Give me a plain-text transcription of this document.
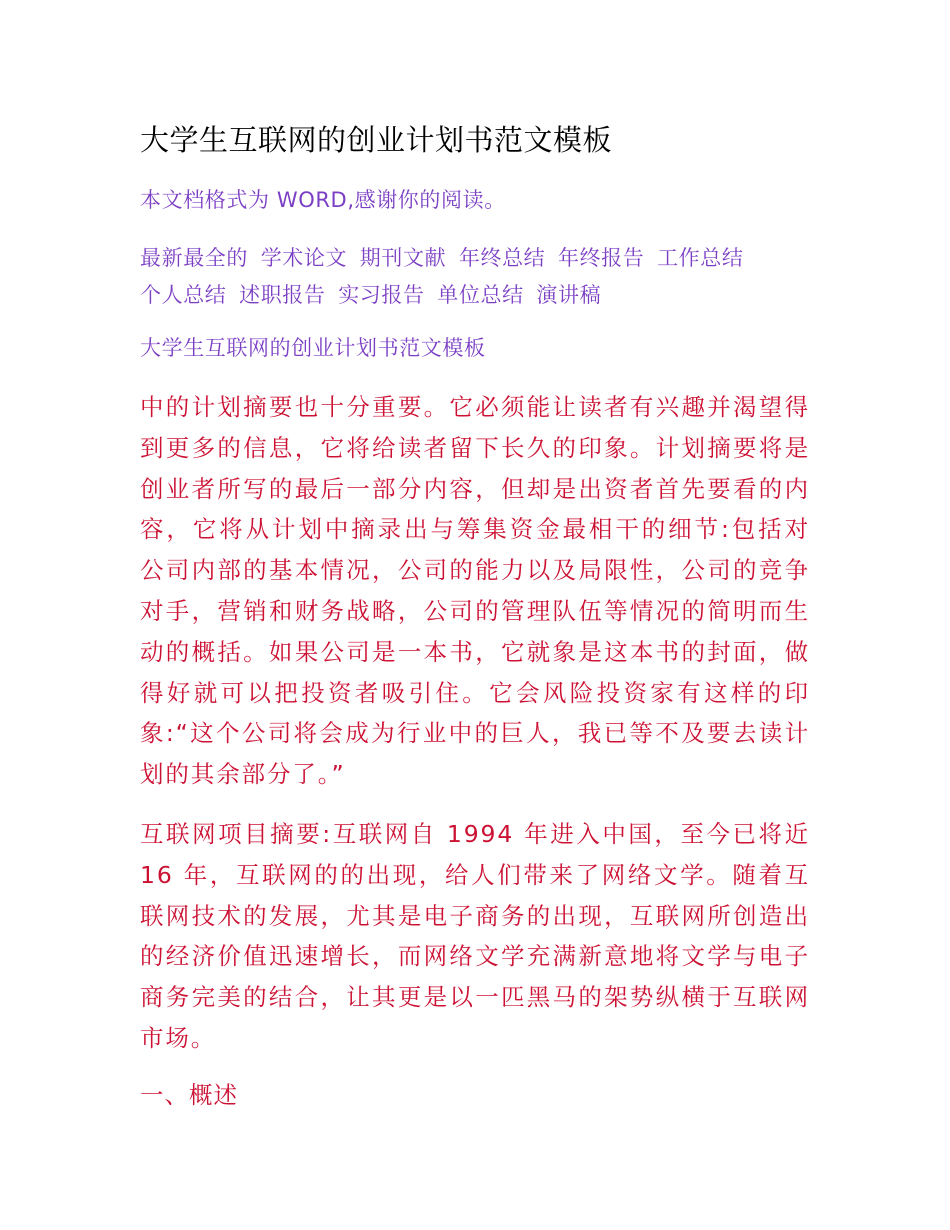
大学生互联网的创业计划书范文模板
本文档格式为 WORD,感谢你的阅读。
最新最全的 学术论文 期刊文献 年终总结 年终报告 工作总结 个人总结 述职报告 实习报告 单位总结 演讲稿
大学生互联网的创业计划书范文模板

中的计划摘要也十分重要。它必须能让读者有兴趣并渴望得到更多的信息，它将给读者留下长久的印象。计划摘要将是创业者所写的最后一部分内容，但却是出资者首先要看的内容，它将从计划中摘录出与筹集资金最相干的细节:包括对公司内部的基本情况，公司的能力以及局限性，公司的竞争对手，营销和财务战略，公司的管理队伍等情况的简明而生动的概括。如果公司是一本书，它就象是这本书的封面，做得好就可以把投资者吸引住。它会风险投资家有这样的印象:“这个公司将会成为行业中的巨人，我已等不及要去读计划的其余部分了。”

互联网项目摘要:互联网自 1994 年进入中国，至今已将近 16 年，互联网的的出现，给人们带来了网络文学。随着互联网技术的发展，尤其是电子商务的出现，互联网所创造出的经济价值迅速增长，而网络文学充满新意地将文学与电子商务完美的结合，让其更是以一匹黑马的架势纵横于互联网市场。

一、概述
